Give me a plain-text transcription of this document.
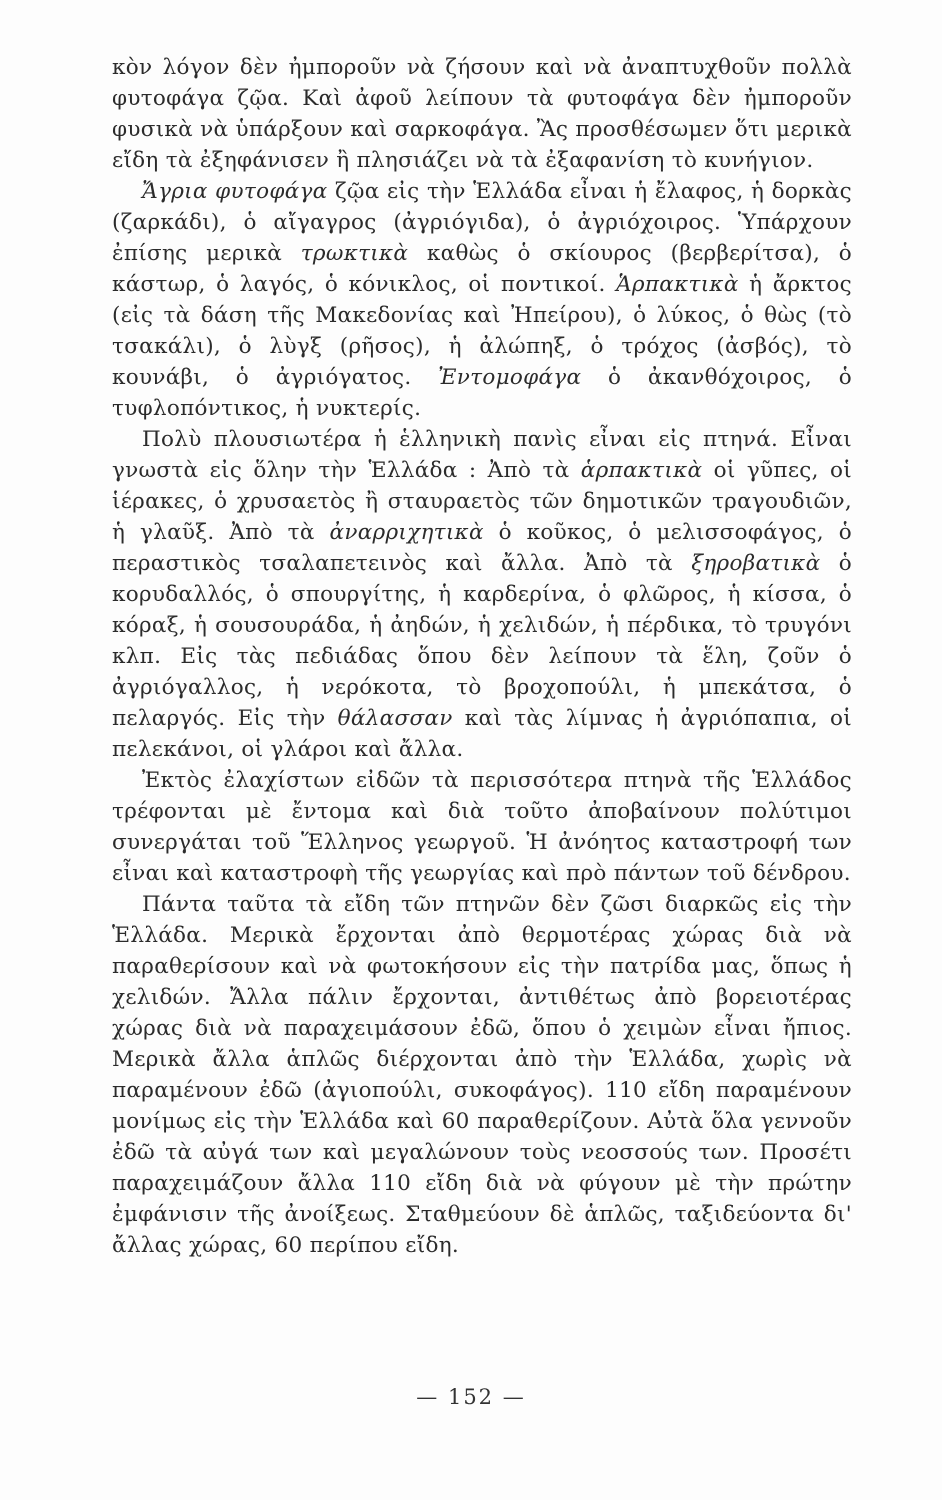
κὸν λόγον δὲν ἠμποροῦν νὰ ζήσουν καὶ νὰ ἀναπτυχθοῦν πολλὰ φυτοφάγα ζῷα. Καὶ ἀφοῦ λείπουν τὰ φυτοφάγα δὲν ἠμποροῦν φυσικὰ νὰ ὑπάρξουν καὶ σαρκοφάγα. Ἂς προσθέσωμεν ὅτι μερικὰ εἴδη τὰ ἐξηφάνισεν ἢ πλησιάζει νὰ τὰ ἐξαφανίση τὸ κυνήγιον.

Ἄγρια φυτοφάγα ζῷα εἰς τὴν Ἑλλάδα εἶναι ἡ ἔλαφος, ἡ δορκὰς (ζαρκάδι), ὁ αἴγαγρος (ἀγριόγιδα), ὁ ἀγριόχοιρος. Ὑπάρχουν ἐπίσης μερικὰ τρωκτικὰ καθὼς ὁ σκίουρος (βερβερίτσα), ὁ κάστωρ, ὁ λαγός, ὁ κόνικλος, οἱ ποντικοί. Ἁρπακτικὰ ἡ ἄρκτος (εἰς τὰ δάση τῆς Μακεδονίας καὶ Ἠπείρου), ὁ λύκος, ὁ θὼς (τὸ τσακάλι), ὁ λὺγξ (ρῆσος), ἡ ἀλώπηξ, ὁ τρόχος (ἀσβός), τὸ κουνάβι, ὁ ἀγριόγατος. Ἐντομοφάγα ὁ ἀκανθόχοιρος, ὁ τυφλοπόντικος, ἡ νυκτερίς.

Πολὺ πλουσιωτέρα ἡ ἑλληνικὴ πανὶς εἶναι εἰς πτηνά. Εἶναι γνωστὰ εἰς ὅλην τὴν Ἑλλάδα : Ἀπὸ τὰ ἁρπακτικὰ οἱ γῦπες, οἱ ἱέρακες, ὁ χρυσαετὸς ἢ σταυραετὸς τῶν δημοτικῶν τραγουδιῶν, ἡ γλαῦξ. Ἀπὸ τὰ ἀναρριχητικὰ ὁ κοῦκος, ὁ μελισσοφάγος, ὁ περαστικὸς τσαλαπετεινὸς καὶ ἄλλα. Ἀπὸ τὰ ξηροβατικὰ ὁ κορυδαλλός, ὁ σπουργίτης, ἡ καρδερίνα, ὁ φλῶρος, ἡ κίσσα, ὁ κόραξ, ἡ σουσουράδα, ἡ ἀηδών, ἡ χελιδών, ἡ πέρδικα, τὸ τρυγόνι κλπ. Εἰς τὰς πεδιάδας ὅπου δὲν λείπουν τὰ ἕλη, ζοῦν ὁ ἀγριόγαλλος, ἡ νερόκοτα, τὸ βροχοπούλι, ἡ μπεκάτσα, ὁ πελαργός. Εἰς τὴν θάλασσαν καὶ τὰς λίμνας ἡ ἀγριόπαπια, οἱ πελεκάνοι, οἱ γλάροι καὶ ἄλλα.

Ἐκτὸς ἐλαχίστων εἰδῶν τὰ περισσότερα πτηνὰ τῆς Ἑλλάδος τρέφονται μὲ ἔντομα καὶ διὰ τοῦτο ἀποβαίνουν πολύτιμοι συνεργάται τοῦ Ἕλληνος γεωργοῦ. Ἡ ἀνόητος καταστροφή των εἶναι καὶ καταστροφὴ τῆς γεωργίας καὶ πρὸ πάντων τοῦ δένδρου.

Πάντα ταῦτα τὰ εἴδη τῶν πτηνῶν δὲν ζῶσι διαρκῶς εἰς τὴν Ἑλλάδα. Μερικὰ ἔρχονται ἀπὸ θερμοτέρας χώρας διὰ νὰ παραθερίσουν καὶ νὰ φωτοκήσουν εἰς τὴν πατρίδα μας, ὅπως ἡ χελιδών. Ἄλλα πάλιν ἔρχονται, ἀντιθέτως ἀπὸ βορειοτέρας χώρας διὰ νὰ παραχειμάσουν ἐδῶ, ὅπου ὁ χειμὼν εἶναι ἤπιος. Μερικὰ ἄλλα ἁπλῶς διέρχονται ἀπὸ τὴν Ἑλλάδα, χωρὶς νὰ παραμένουν ἐδῶ (ἀγιοπούλι, συκοφάγος). 110 εἴδη παραμένουν μονίμως εἰς τὴν Ἑλλάδα καὶ 60 παραθερίζουν. Αὐτὰ ὅλα γεννοῦν ἐδῶ τὰ αὐγά των καὶ μεγαλώνουν τοὺς νεοσσούς των. Προσέτι παραχειμάζουν ἄλλα 110 εἴδη διὰ νὰ φύγουν μὲ τὴν πρώτην ἐμφάνισιν τῆς ἀνοίξεως. Σταθμεύουν δὲ ἁπλῶς, ταξιδεύοντα δι' ἄλλας χώρας, 60 περίπου εἴδη.

— 152 —
